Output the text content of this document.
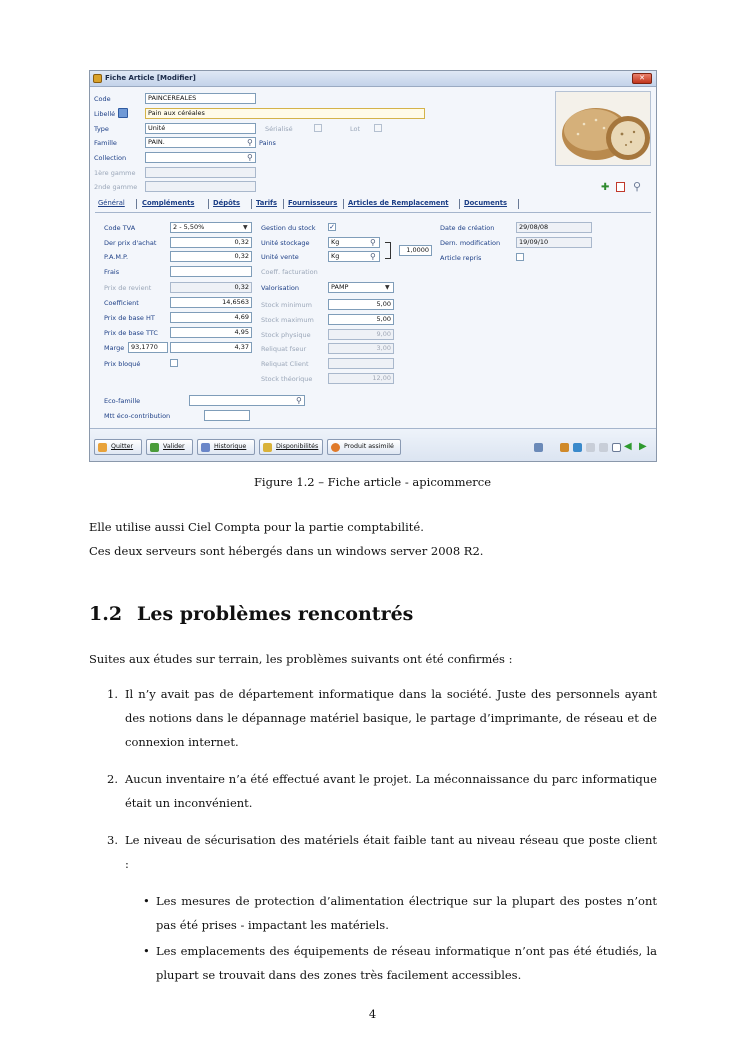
Fiche Article [Modifier]	✕
Code	PAINCEREALES
Libellé	Pain aux céréales
Type	Unité	Sérialisé	Lot
Famille	PAIN.	⚲ Pains
Collection	⚲
1ère gamme
2nde gamme	✚ ⚲
Général	Compléments	Dépôts Tarifs Fournisseurs Articles de Remplacement Documents
Code TVA	2 - 5,50%	▼
Der prix d'achat	0,32
P.A.M.P.	0,32
Frais
Prix de revient	0,32
Coefficient	14,6563
Prix de base HT	4,69
Prix de base TTC	4,95
Marge	93,1770	4,37
Prix bloqué
Gestion du stock ✓
Unité stockage	Kg	⚲
Unité vente	Kg	⚲
1,0000
Coeff. facturation
Valorisation	PAMP	▼
Stock minimum	5,00
Stock maximum	5,00
Stock physique	9,00
Reliquat fseur	3,00
Reliquat Client
Stock théorique	12,00
Date de création	29/08/08
Dern. modification	19/09/10
Article repris
Eco-famille	⚲
Mtt éco-contribution
Quitter	Valider	Historique	Disponibilités	Produit assimilé	◀ ▶
Figure 1.2 – Fiche article - apicommerce
Elle utilise aussi Ciel Compta pour la partie comptabilité.
Ces deux serveurs sont hébergés dans un windows server 2008 R2.
1.2 Les problèmes rencontrés
Suites aux études sur terrain, les problèmes suivants ont été confirmés :
1. Il n’y avait pas de département informatique dans la société. Juste des personnels ayant des notions dans le dépannage matériel basique, le partage d’imprimante, de réseau et de connexion internet.
2. Aucun inventaire n’a été effectué avant le projet. La méconnaissance du parc informatique était un inconvénient.
3. Le niveau de sécurisation des matériels était faible tant au niveau réseau que poste client :
• Les mesures de protection d’alimentation électrique sur la plupart des postes n’ont pas été prises - impactant les matériels.
• Les emplacements des équipements de réseau informatique n’ont pas été étudiés, la plupart se trouvait dans des zones très facilement accessibles.
4
